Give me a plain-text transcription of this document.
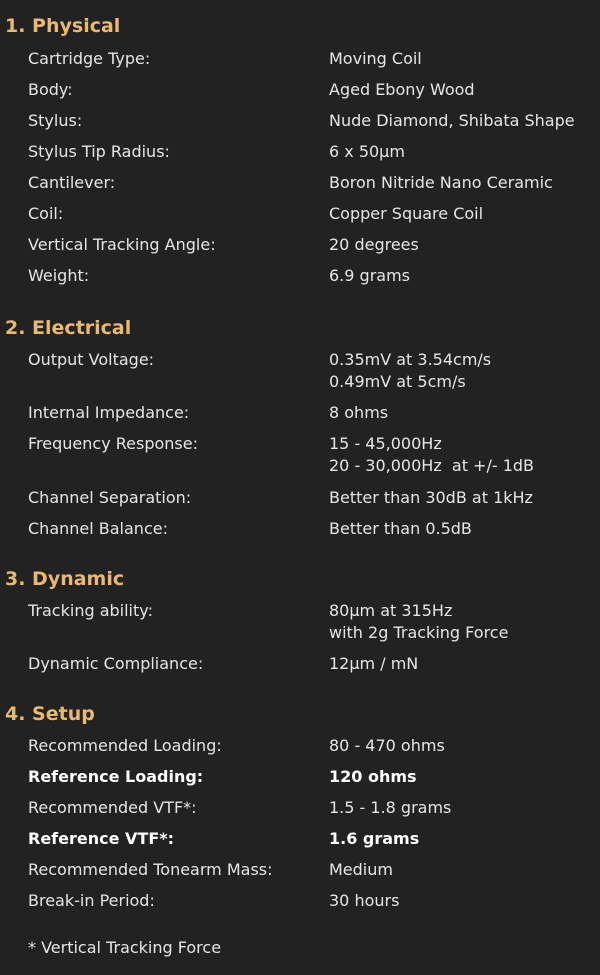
1. Physical
Cartridge Type:	Moving Coil
Body:	Aged Ebony Wood
Stylus:	Nude Diamond, Shibata Shape
Stylus Tip Radius:	6 x 50µm
Cantilever:	Boron Nitride Nano Ceramic
Coil:	Copper Square Coil
Vertical Tracking Angle:	20 degrees
Weight:	6.9 grams
2. Electrical
Output Voltage:	0.35mV at 3.54cm/s
0.49mV at 5cm/s
Internal Impedance:	8 ohms
Frequency Response:	15 - 45,000Hz
20 - 30,000Hz  at +/- 1dB
Channel Separation:	Better than 30dB at 1kHz
Channel Balance:	Better than 0.5dB
3. Dynamic
Tracking ability:	80µm at 315Hz
with 2g Tracking Force
Dynamic Compliance:	12µm / mN
4. Setup
Recommended Loading:	80 - 470 ohms
Reference Loading:	120 ohms
Recommended VTF*:	1.5 - 1.8 grams
Reference VTF*:	1.6 grams
Recommended Tonearm Mass:	Medium
Break-in Period:	30 hours
* Vertical Tracking Force
